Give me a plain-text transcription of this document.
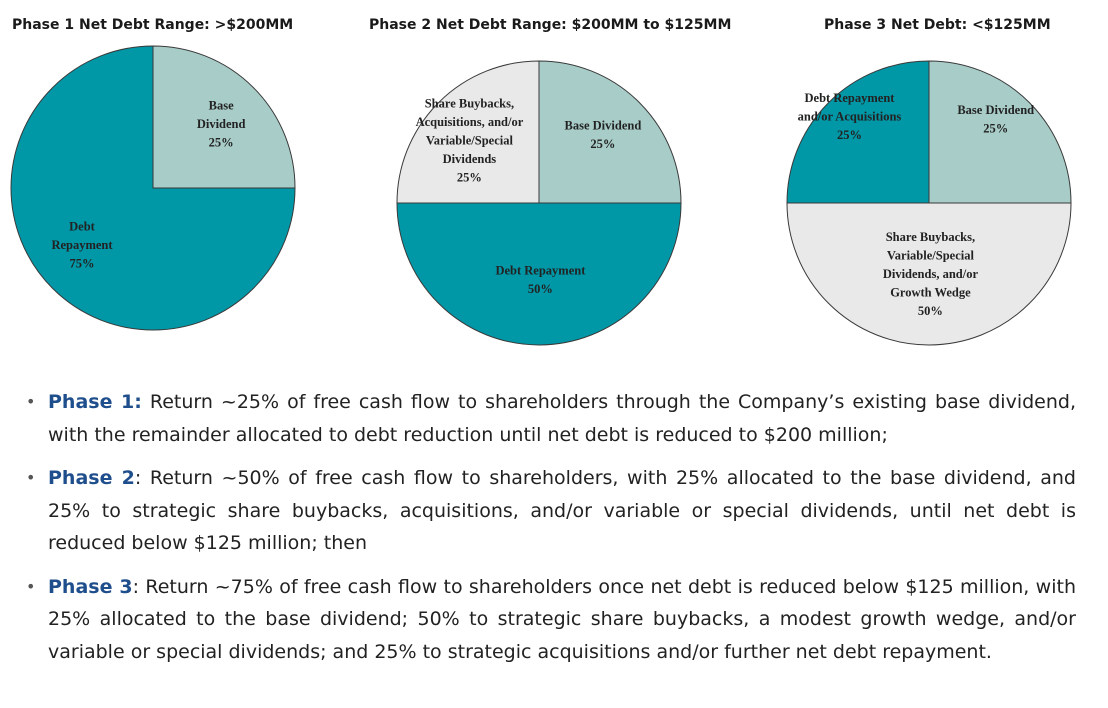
Phase 1 Net Debt Range: >$200MM	Phase 2 Net Debt Range: $200MM to $125MM	Phase 3 Net Debt: <$125MM
Base Dividend 25%
Debt Repayment 75%
Base Dividend 25%
Debt Repayment 50%
Share Buybacks, Acquisitions, and/or Variable/Special Dividends 25%
Base Dividend 25%
Share Buybacks, Variable/Special Dividends, and/or Growth Wedge 50%
Debt Repayment and/or Acquisitions 25%
• Phase 1: Return ~25% of free cash flow to shareholders through the Company’s existing base dividend, with the remainder allocated to debt reduction until net debt is reduced to $200 million;
• Phase 2: Return ~50% of free cash flow to shareholders, with 25% allocated to the base dividend, and 25% to strategic share buybacks, acquisitions, and/or variable or special dividends, until net debt is reduced below $125 million; then
• Phase 3: Return ~75% of free cash flow to shareholders once net debt is reduced below $125 million, with 25% allocated to the base dividend; 50% to strategic share buybacks, a modest growth wedge, and/or variable or special dividends; and 25% to strategic acquisitions and/or further net debt repayment.
